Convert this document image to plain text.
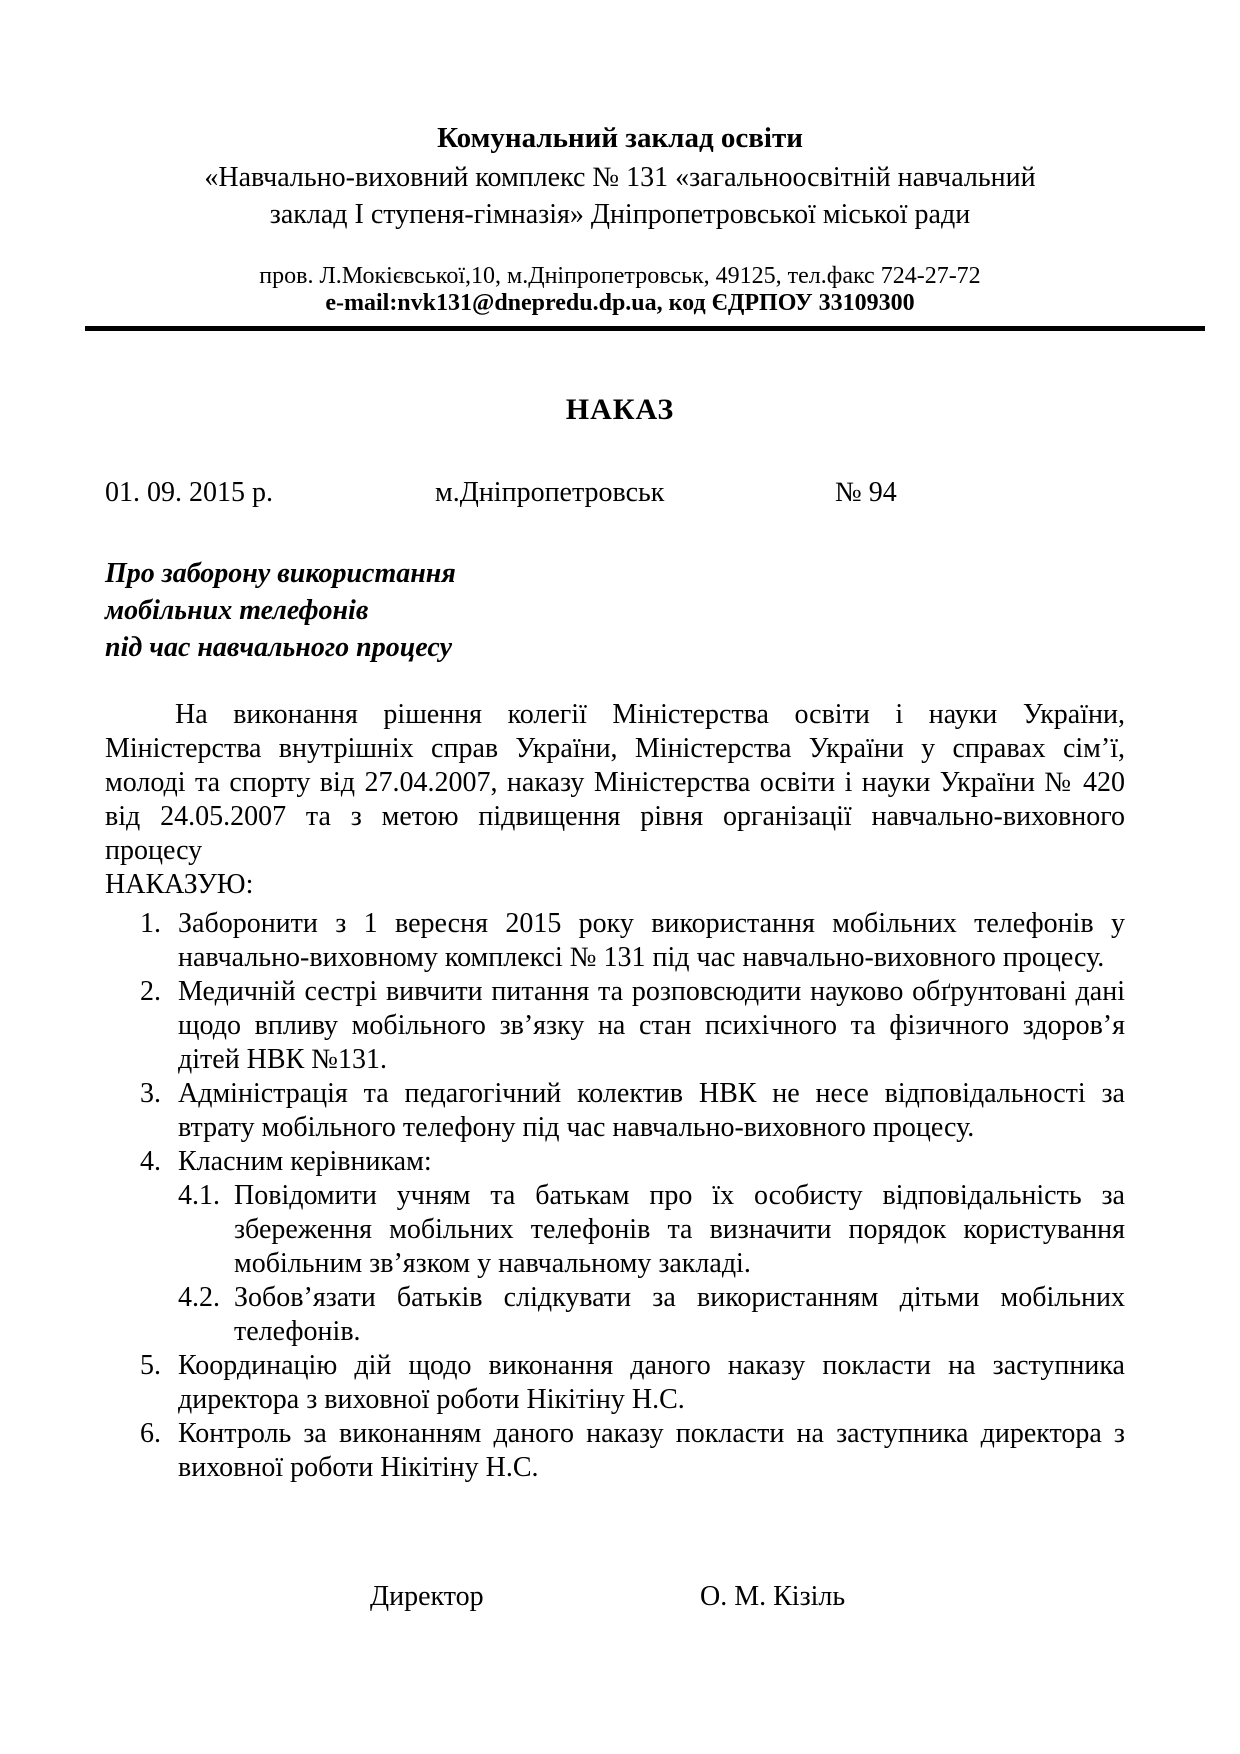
Комунальний заклад освіти
«Навчально-виховний комплекс № 131 «загальноосвітній навчальний
заклад І ступеня-гімназія» Дніпропетровської міської ради
пров. Л.Мокієвської,10, м.Дніпропетровськ, 49125, тел.факс 724-27-72
e-mail:nvk131@dnepredu.dp.ua, код ЄДРПОУ 33109300
НАКАЗ
01. 09. 2015 р.	м.Дніпропетровськ	№ 94
Про заборону використання
мобільних телефонів
під час навчального процесу

На виконання рішення колегії Міністерства освіти і науки України, Міністерства внутрішніх справ України, Міністерства України у справах сім’ї, молоді та спорту від 27.04.2007, наказу Міністерства освіти і науки України № 420 від 24.05.2007 та з метою підвищення рівня організації навчально-виховного процесу

НАКАЗУЮ:
1. Заборонити з 1 вересня 2015 року використання мобільних телефонів у навчально-виховному комплексі № 131 під час навчально-виховного процесу.
2. Медичній сестрі вивчити питання та розповсюдити науково обґрунтовані дані щодо впливу мобільного зв’язку на стан психічного та фізичного здоров’я дітей НВК №131.
3. Адміністрація та педагогічний колектив НВК не несе відповідальності за втрату мобільного телефону під час навчально-виховного процесу.
4. Класним керівникам:
4.1. Повідомити учням та батькам про їх особисту відповідальність за збереження мобільних телефонів та визначити порядок користування мобільним зв’язком у навчальному закладі.
4.2. Зобов’язати батьків слідкувати за використанням дітьми мобільних телефонів.
5. Координацію дій щодо виконання даного наказу покласти на заступника директора з виховної роботи Нікітіну Н.С.
6. Контроль за виконанням даного наказу покласти на заступника директора з виховної роботи Нікітіну Н.С.
Директор	О. М. Кізіль
